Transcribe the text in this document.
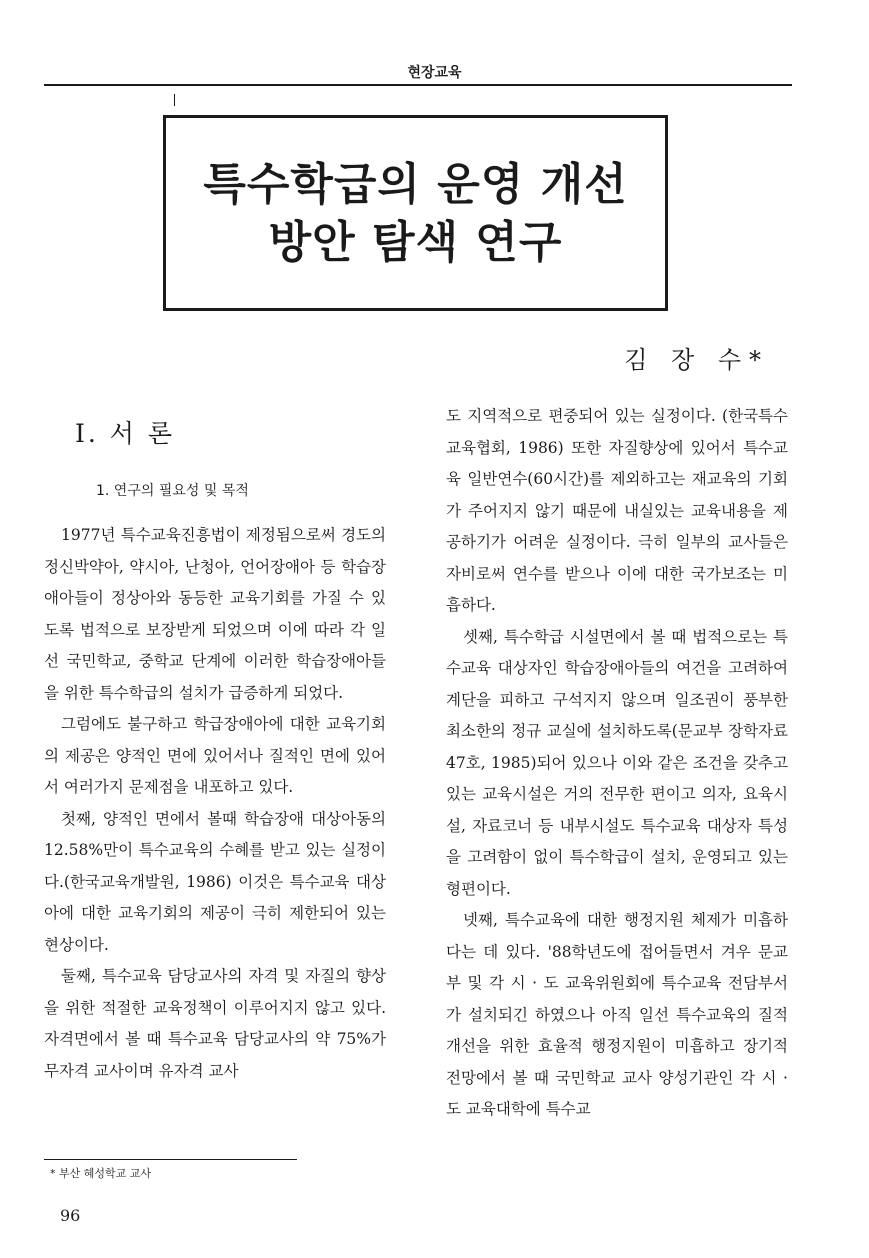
현장교육
특수학급의 운영 개선
방안 탐색 연구
김 장 수*
Ⅰ. 서 론
1. 연구의 필요성 및 목적

1977년 특수교육진흥법이 제정됨으로써 경도의 정신박약아, 약시아, 난청아, 언어장애아 등 학습장애아들이 정상아와 동등한 교육기회를 가질 수 있도록 법적으로 보장받게 되었으며 이에 따라 각 일선 국민학교, 중학교 단계에 이러한 학습장애아들을 위한 특수학급의 설치가 급증하게 되었다.

그럼에도 불구하고 학급장애아에 대한 교육기회의 제공은 양적인 면에 있어서나 질적인 면에 있어서 여러가지 문제점을 내포하고 있다.

첫째, 양적인 면에서 볼때 학습장애 대상아동의 12.58%만이 특수교육의 수혜를 받고 있는 실정이다.(한국교육개발원, 1986) 이것은 특수교육 대상아에 대한 교육기회의 제공이 극히 제한되어 있는 현상이다.

둘째, 특수교육 담당교사의 자격 및 자질의 향상을 위한 적절한 교육정책이 이루어지지 않고 있다. 자격면에서 볼 때 특수교육 담당교사의 약 75%가 무자격 교사이며 유자격 교사

도 지역적으로 편중되어 있는 실정이다. (한국특수교육협회, 1986) 또한 자질향상에 있어서 특수교육 일반연수(60시간)를 제외하고는 재교육의 기회가 주어지지 않기 때문에 내실있는 교육내용을 제공하기가 어려운 실정이다. 극히 일부의 교사들은 자비로써 연수를 받으나 이에 대한 국가보조는 미흡하다.

셋째, 특수학급 시설면에서 볼 때 법적으로는 특수교육 대상자인 학습장애아들의 여건을 고려하여 계단을 피하고 구석지지 않으며 일조권이 풍부한 최소한의 정규 교실에 설치하도록(문교부 장학자료47호, 1985)되어 있으나 이와 같은 조건을 갖추고 있는 교육시설은 거의 전무한 편이고 의자, 요육시설, 자료코너 등 내부시설도 특수교육 대상자 특성을 고려함이 없이 특수학급이 설치, 운영되고 있는 형편이다.

넷째, 특수교육에 대한 행정지원 체제가 미흡하다는 데 있다. '88학년도에 접어들면서 겨우 문교부 및 각 시 · 도 교육위원회에 특수교육 전담부서가 설치되긴 하였으나 아직 일선 특수교육의 질적 개선을 위한 효율적 행정지원이 미흡하고 장기적 전망에서 볼 때 국민학교 교사 양성기관인 각 시 · 도 교육대학에 특수교

* 부산 혜성학교 교사
96
